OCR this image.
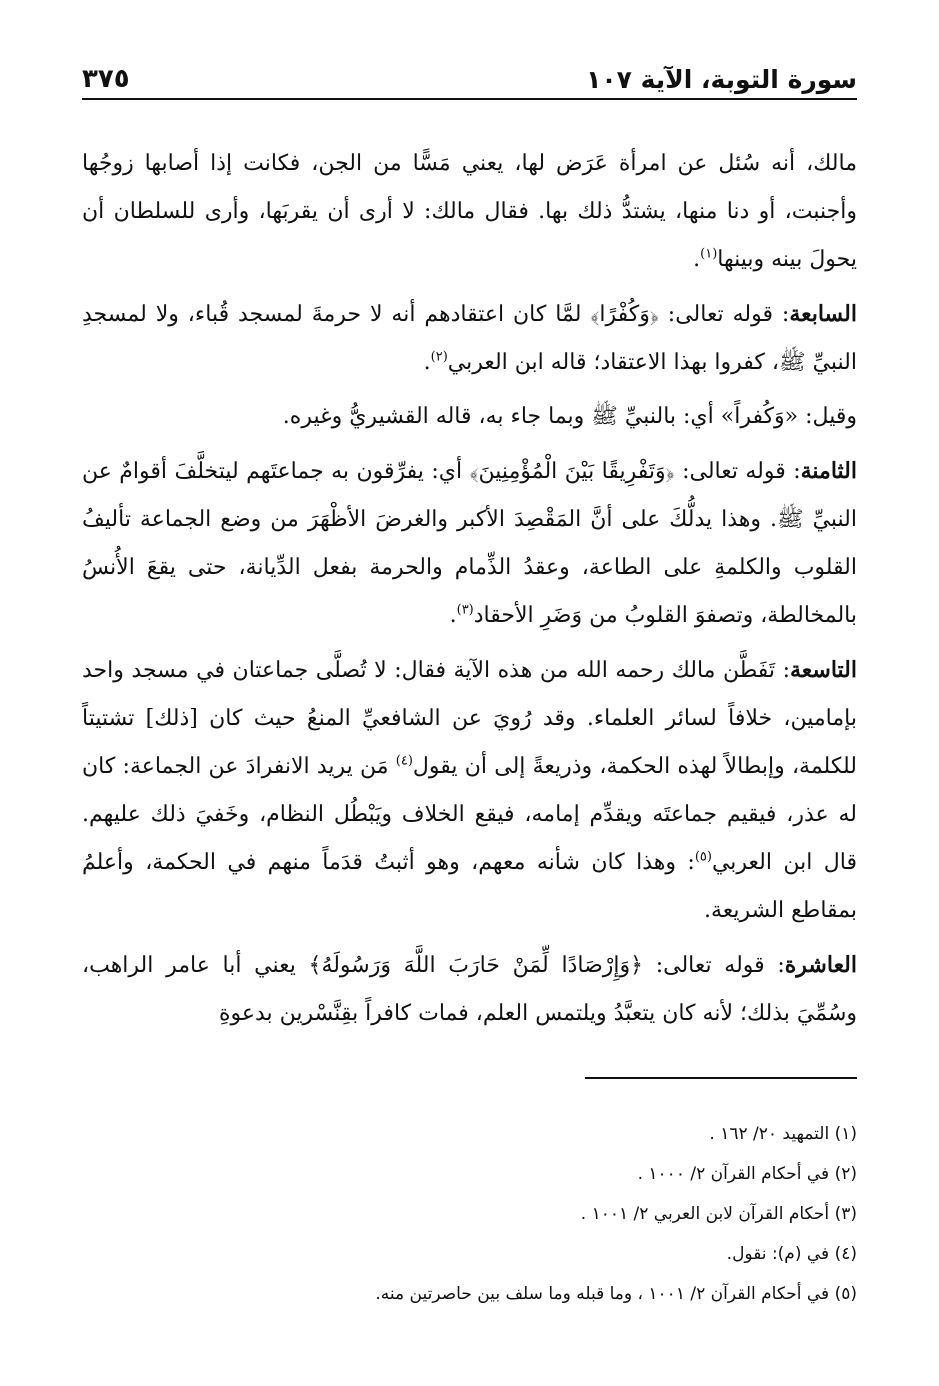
سورة التوبة، الآية ١٠٧
٣٧٥

مالك، أنه سُئل عن امرأة عَرَض لها، يعني مَسًّا من الجن، فكانت إذا أصابها زوجُها وأجنبت، أو دنا منها، يشتدُّ ذلك بها. فقال مالك: لا أرى أن يقربَها، وأرى للسلطان أن يحولَ بينه وبينها$^{(١)}$.

السابعة: قوله تعالى: ﴿وَكُفْرًا﴾ لمَّا كان اعتقادهم أنه لا حرمةَ لمسجد قُباء، ولا لمسجدِ النبيِّ ﷺ، كفروا بهذا الاعتقاد؛ قاله ابن العربي$^{(٢)}$.

وقيل: «وَكُفراً» أي: بالنبيِّ ﷺ وبما جاء به، قاله القشيريُّ وغيره.

الثامنة: قوله تعالى: ﴿وَتَفْرِيقًا بَيْنَ الْمُؤْمِنِينَ﴾ أي: يفرِّقون به جماعتَهم ليتخلَّفَ أقوامٌ عن النبيِّ ﷺ. وهذا يدلُّكَ على أنَّ المَقْصِدَ الأكبر والغرضَ الأظْهَرَ من وضع الجماعة تأليفُ القلوب والكلمةِ على الطاعة، وعقدُ الذِّمام والحرمة بفعل الدِّيانة، حتى يقعَ الأُنسُ بالمخالطة، وتصفوَ القلوبُ من وَضَرِ الأحقاد$^{(٣)}$.

التاسعة: تَفَطَّن مالك رحمه الله من هذه الآية فقال: لا تُصلَّى جماعتان في مسجد واحد بإمامين، خلافاً لسائر العلماء. وقد رُويَ عن الشافعيِّ المنعُ حيث كان [ذلك] تشتيتاً للكلمة، وإبطالاً لهذه الحكمة، وذريعةً إلى أن يقول$^{(٤)}$ مَن يريد الانفرادَ عن الجماعة: كان له عذر، فيقيم جماعتَه ويقدِّم إمامه، فيقع الخلاف ويَبْطُل النظام، وخَفيَ ذلك عليهم. قال ابن العربي$^{(٥)}$: وهذا كان شأنه معهم، وهو أثبتُ قدَماً منهم في الحكمة، وأعلمُ بمقاطع الشريعة.

العاشرة: قوله تعالى: ﴿وَإِرْصَادًا لِّمَنْ حَارَبَ اللَّهَ وَرَسُولَهُ﴾ يعني أبا عامر الراهب، وسُمِّيَ بذلك؛ لأنه كان يتعبَّدُ ويلتمس العلم، فمات كافراً بقِنَّسْرين بدعوةِ

(١) التمهيد ٢٠/ ١٦٢ .
(٢) في أحكام القرآن ٢/ ١٠٠٠ .
(٣) أحكام القرآن لابن العربي ٢/ ١٠٠١ .
(٤) في (م): نقول.
(٥) في أحكام القرآن ٢/ ١٠٠١ ، وما قبله وما سلف بين حاصرتين منه.
